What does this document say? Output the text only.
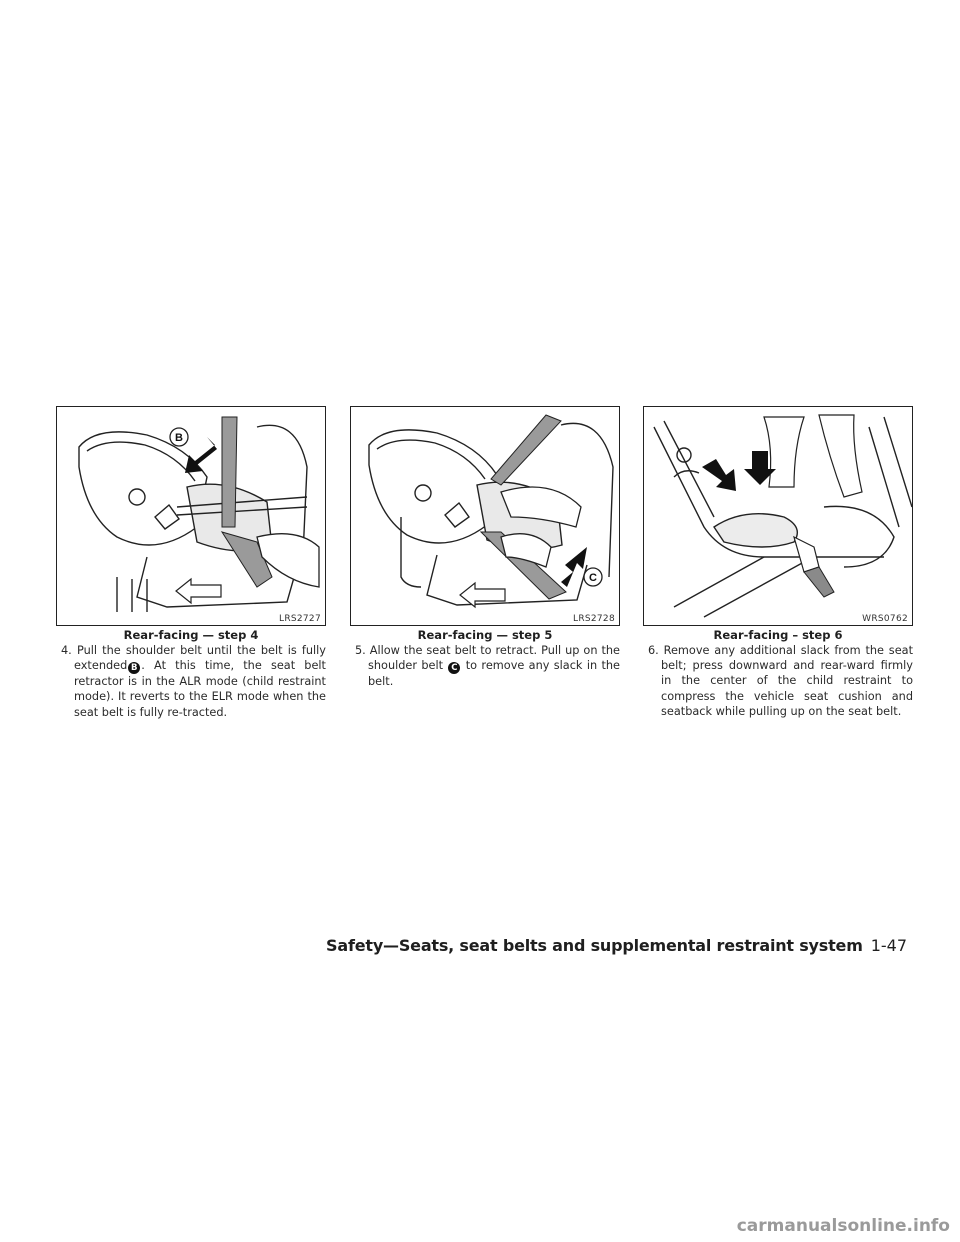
B
LRS2727
Rear-facing — step 4
4. Pull the shoulder belt until the belt is fully extended B . At this time, the seat belt retractor is in the ALR mode (child restraint mode). It reverts to the ELR mode when the seat belt is fully re-tracted.
C
LRS2728
Rear-facing — step 5
5. Allow the seat belt to retract. Pull up on the shoulder belt C to remove any slack in the belt.
WRS0762
Rear-facing – step 6
6. Remove any additional slack from the seat belt; press downward and rear-ward firmly in the center of the child restraint to compress the vehicle seat cushion and seatback while pulling up on the seat belt.
Safety—Seats, seat belts and supplemental restraint system 1-47
carmanualsonline.info
